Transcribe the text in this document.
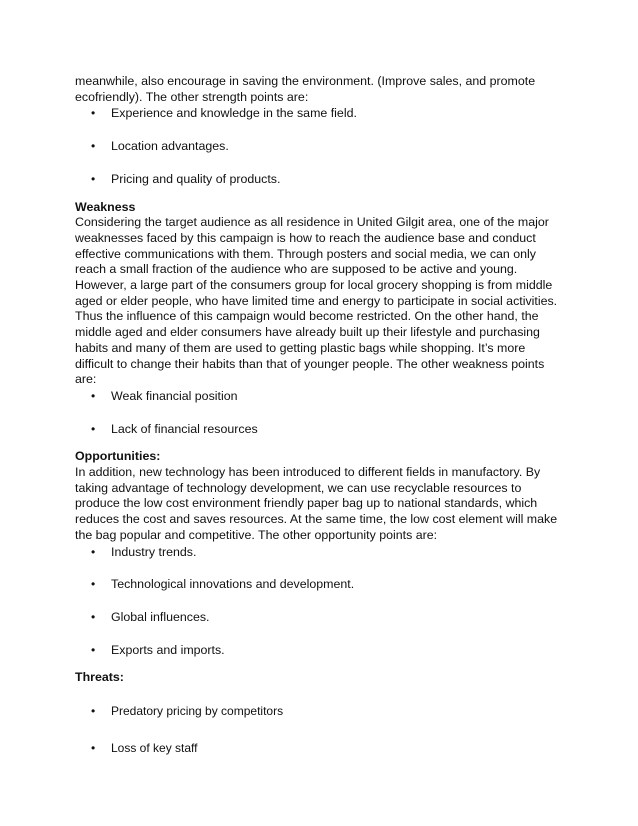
meanwhile, also encourage in saving the environment. (Improve sales, and promote

ecofriendly). The other strength points are:

• Experience and knowledge in the same field.
• Location advantages.
• Pricing and quality of products.

Weakness

Considering the target audience as all residence in United Gilgit area, one of the major

weaknesses faced by this campaign is how to reach the audience base and conduct

effective communications with them. Through posters and social media, we can only

reach a small fraction of the audience who are supposed to be active and young.

However, a large part of the consumers group for local grocery shopping is from middle

aged or elder people, who have limited time and energy to participate in social activities.

Thus the influence of this campaign would become restricted. On the other hand, the

middle aged and elder consumers have already built up their lifestyle and purchasing

habits and many of them are used to getting plastic bags while shopping. It’s more

difficult to change their habits than that of younger people. The other weakness points

are:

• Weak financial position
• Lack of financial resources

Opportunities:

In addition, new technology has been introduced to different fields in manufactory. By

taking advantage of technology development, we can use recyclable resources to

produce the low cost environment friendly paper bag up to national standards, which

reduces the cost and saves resources. At the same time, the low cost element will make

the bag popular and competitive. The other opportunity points are:

• Industry trends.
• Technological innovations and development.
• Global influences.
• Exports and imports.

Threats:

• Predatory pricing by competitors
• Loss of key staff
